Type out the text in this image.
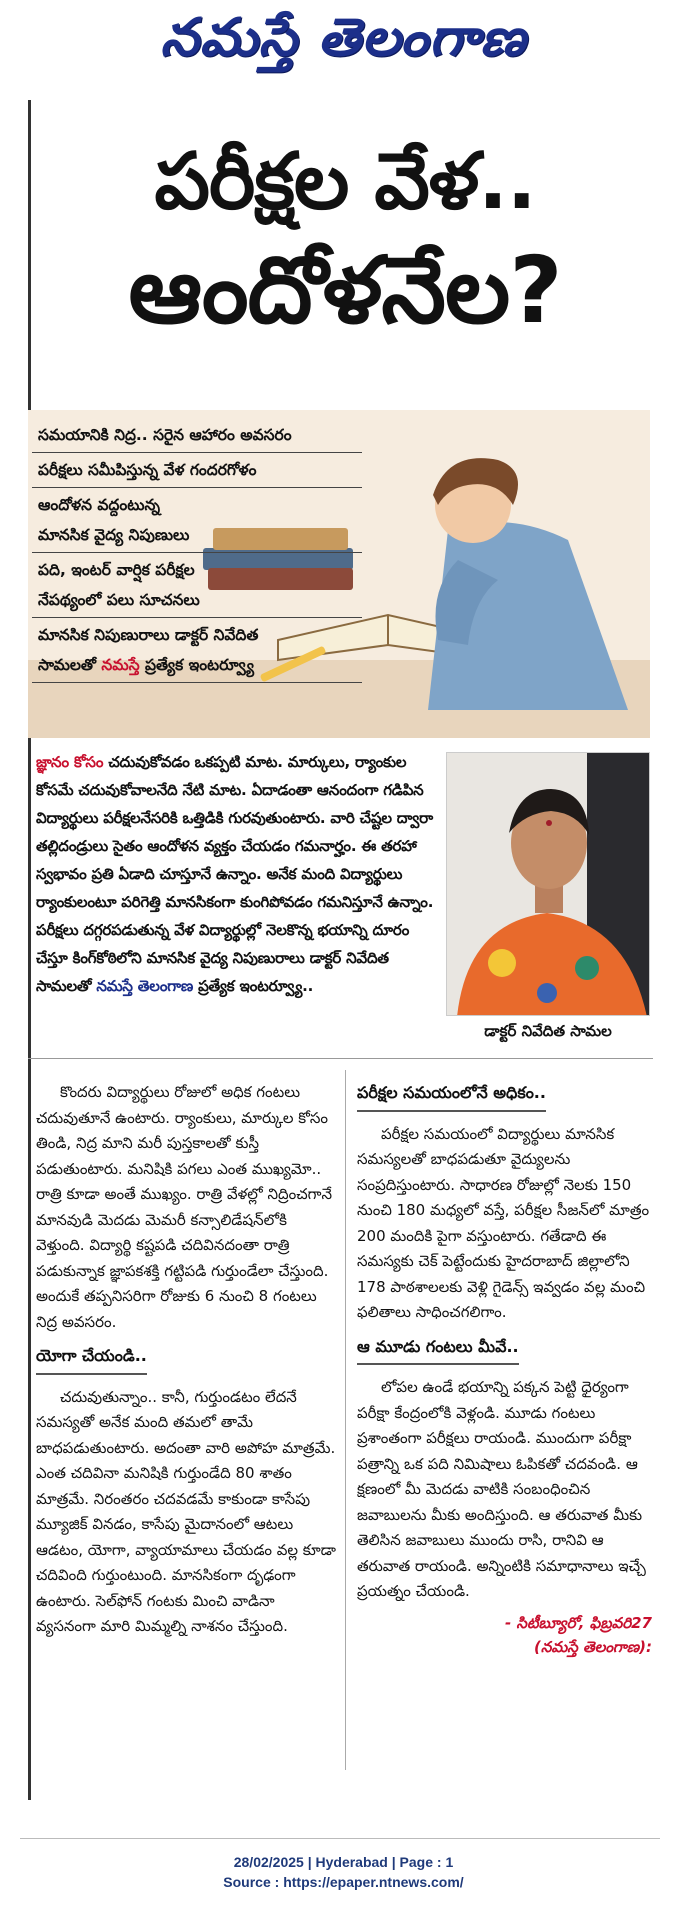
నమస్తే తెలంగాణ
పరీక్షల వేళ..
ఆందోళనేల?
సమయానికి నిద్ర.. సరైన ఆహారం అవసరం
పరీక్షలు సమీపిస్తున్న వేళ గందరగోళం
ఆందోళన వద్దంటున్న
మానసిక వైద్య నిపుణులు
పది, ఇంటర్ వార్షిక పరీక్షల
నేపథ్యంలో పలు సూచనలు
మానసిక నిపుణురాలు డాక్టర్ నివేదిత
సామలతో నమస్తే ప్రత్యేక ఇంటర్వ్యూ
జ్ఞానం కోసం చదువుకోవడం ఒకప్పటి మాట. మార్కులు, ర్యాంకుల కోసమే చదువుకోవాలనేది నేటి మాట. ఏదాడంతా ఆనందంగా గడిపిన విద్యార్థులు పరీక్షలనేసరికి ఒత్తిడికి గురవుతుంటారు. వారి చేష్టల ద్వారా తల్లిదండ్రులు సైతం ఆందోళన వ్యక్తం చేయడం గమనార్హం. ఈ తరహా స్వభావం ప్రతి ఏడాది చూస్తూనే ఉన్నాం. అనేక మంది విద్యార్థులు ర్యాంకులంటూ పరిగెత్తి మానసికంగా కుంగిపోవడం గమనిస్తూనే ఉన్నాం. పరీక్షలు దగ్గరపడుతున్న వేళ విద్యార్థుల్లో నెలకొన్న భయాన్ని దూరం చేస్తూ కింగ్‌కోఠిలోని మానసిక వైద్య నిపుణురాలు డాక్టర్ నివేదిత సామలతో నమస్తే తెలంగాణ ప్రత్యేక ఇంటర్వ్యూ..
డాక్టర్ నివేదిత సామల

కొందరు విద్యార్థులు రోజులో అధిక గంటలు చదువుతూనే ఉంటారు. ర్యాంకులు, మార్కుల కోసం తిండి, నిద్ర మాని మరీ పుస్తకాలతో కుస్తీ పడుతుంటారు. మనిషికి పగలు ఎంత ముఖ్యమో.. రాత్రి కూడా అంతే ముఖ్యం. రాత్రి వేళల్లో నిద్రించగానే మానవుడి మెదడు మెమరీ కన్సాలిడేషన్‌లోకి వెళ్తుంది. విద్యార్థి కష్టపడి చదివినదంతా రాత్రి పడుకున్నాక జ్ఞాపకశక్తి గట్టిపడి గుర్తుండేలా చేస్తుంది. అందుకే తప్పనిసరిగా రోజుకు 6 నుంచి 8 గంటలు నిద్ర అవసరం.

యోగా చేయండి..

చదువుతున్నాం.. కానీ, గుర్తుండటం లేదనే సమస్యతో అనేక మంది తమలో తామే బాధపడుతుంటారు. అదంతా వారి అపోహ మాత్రమే. ఎంత చదివినా మనిషికి గుర్తుండేది 80 శాతం మాత్రమే. నిరంతరం చదవడమే కాకుండా కాసేపు మ్యూజిక్ వినడం, కాసేపు మైదానంలో ఆటలు ఆడటం, యోగా, వ్యాయామాలు చేయడం వల్ల కూడా చదివింది గుర్తుంటుంది. మానసికంగా దృఢంగా ఉంటారు. సెల్‌ఫోన్ గంటకు మించి వాడినా వ్యసనంగా మారి మిమ్మల్ని నాశనం చేస్తుంది.

పరీక్షల సమయంలోనే అధికం..

పరీక్షల సమయంలో విద్యార్థులు మానసిక సమస్యలతో బాధపడుతూ వైద్యులను సంప్రదిస్తుంటారు. సాధారణ రోజుల్లో నెలకు 150 నుంచి 180 మధ్యలో వస్తే, పరీక్షల సీజన్‌లో మాత్రం 200 మందికి పైగా వస్తుంటారు. గతేడాది ఈ సమస్యకు చెక్ పెట్టేందుకు హైదరాబాద్ జిల్లాలోని 178 పాఠశాలలకు వెళ్లి గైడెన్స్ ఇవ్వడం వల్ల మంచి ఫలితాలు సాధించగలిగాం.

ఆ మూడు గంటలు మీవే..

లోపల ఉండే భయాన్ని పక్కన పెట్టి ధైర్యంగా పరీక్షా కేంద్రంలోకి వెళ్లండి. మూడు గంటలు ప్రశాంతంగా పరీక్షలు రాయండి. ముందుగా పరీక్షా పత్రాన్ని ఒక పది నిమిషాలు ఓపికతో చదవండి. ఆ క్షణంలో మీ మెదడు వాటికి సంబంధించిన జవాబులను మీకు అందిస్తుంది. ఆ తరువాత మీకు తెలిసిన జవాబులు ముందు రాసి, రానివి ఆ తరువాత రాయండి. అన్నింటికి సమాధానాలు ఇచ్చే ప్రయత్నం చేయండి.

- సిటీబ్యూరో, ఫిబ్రవరి27
(నమస్తే తెలంగాణ):
28/02/2025 | Hyderabad | Page : 1
Source : https://epaper.ntnews.com/
